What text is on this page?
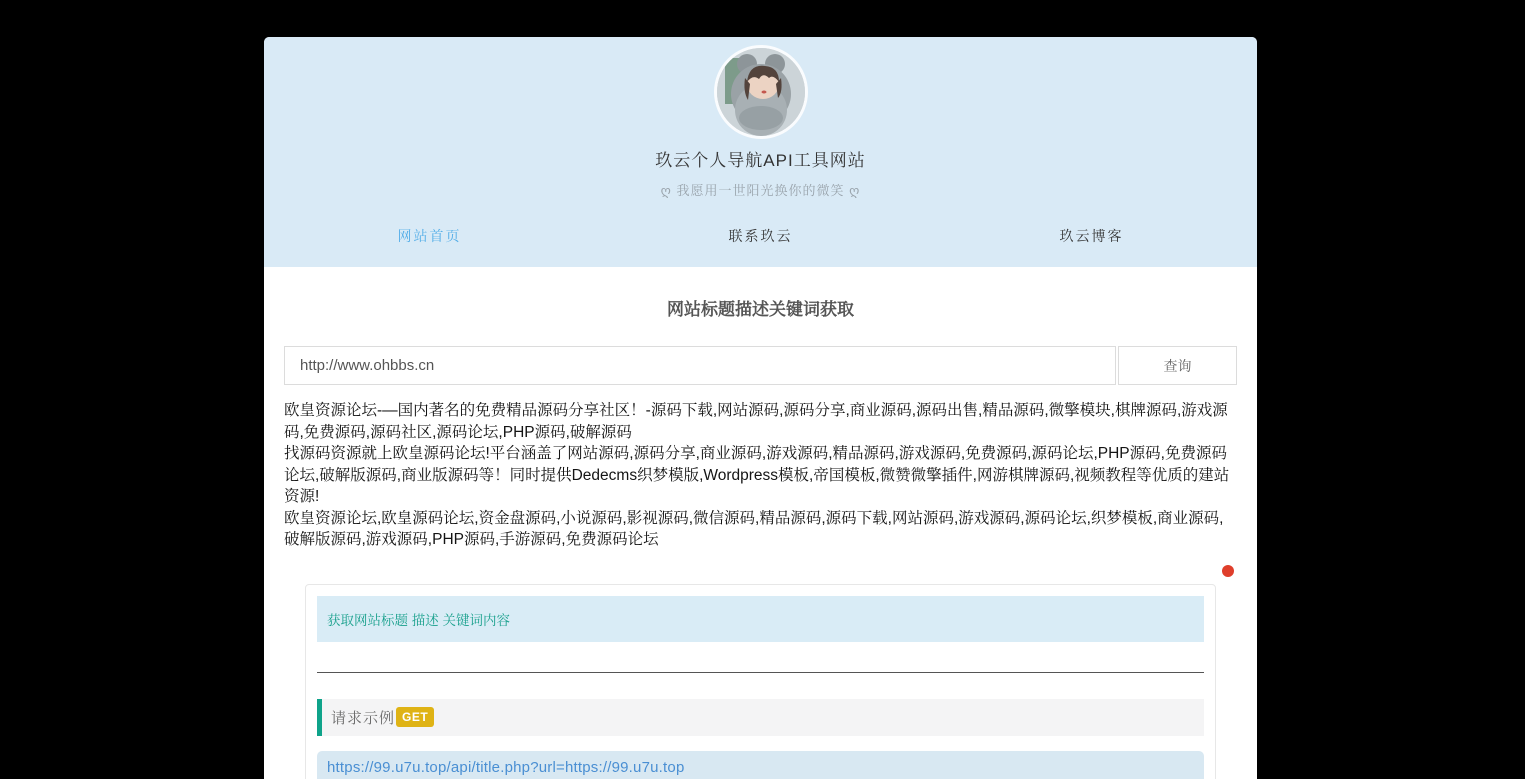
玖云个人导航API工具网站
ღ 我愿用一世阳光换你的微笑 ღ
网站首页	联系玖云	玖云博客
网站标题描述关键词获取
http://www.ohbbs.cn
查询
欧皇资源论坛-—国内著名的免费精品源码分享社区！-源码下载,网站源码,源码分享,商业源码,源码出售,精品源码,微擎模块,棋牌源码,游戏源码,免费源码,源码社区,源码论坛,PHP源码,破解源码
找源码资源就上欧皇源码论坛!平台涵盖了网站源码,源码分享,商业源码,游戏源码,精品源码,游戏源码,免费源码,源码论坛,PHP源码,免费源码论坛,破解版源码,商业版源码等！同时提供Dedecms织梦模版,Wordpress模板,帝国模板,微赞微擎插件,网游棋牌源码,视频教程等优质的建站资源!
欧皇资源论坛,欧皇源码论坛,资金盘源码,小说源码,影视源码,微信源码,精品源码,源码下载,网站源码,游戏源码,源码论坛,织梦模板,商业源码,破解版源码,游戏源码,PHP源码,手游源码,免费源码论坛
获取网站标题 描述 关键词内容
请求示例 GET
https://99.u7u.top/api/title.php?url=https://99.u7u.top
